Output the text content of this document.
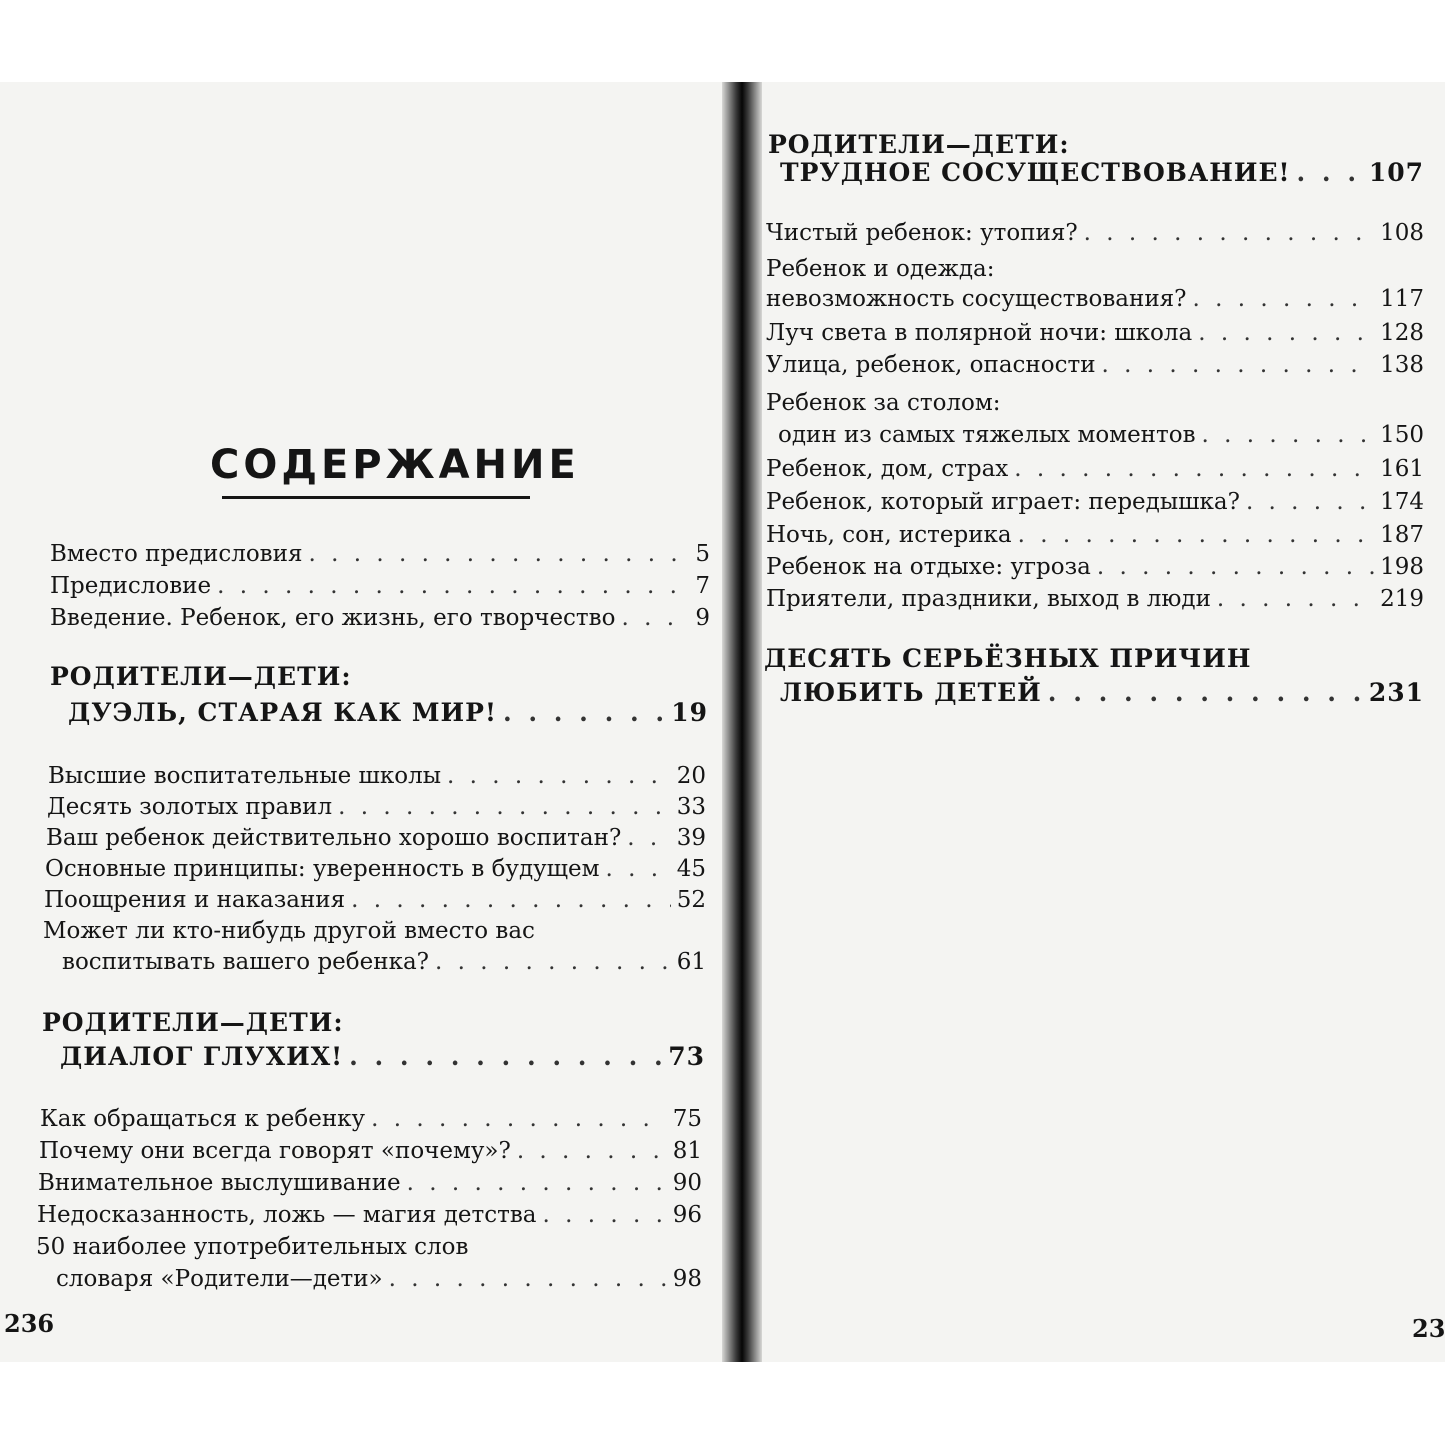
СОДЕРЖАНИЕ
Вместо предисловия . . .	5
Предисловие . . .	7
Введение. Ребенок, его жизнь, его творчество . . .	9
РОДИТЕЛИ—ДЕТИ:
ДУЭЛЬ, СТАРАЯ КАК МИР! . . .	19
Высшие воспитательные школы . . .	20
Десять золотых правил . . .	33
Ваш ребенок действительно хорошо воспитан? . . . 39
Основные принципы: уверенность в будущем . . .	45
Поощрения и наказания . . .	52
Может ли кто-нибудь другой вместо вас
воспитывать вашего ребенка? . . .	61
РОДИТЕЛИ—ДЕТИ:
ДИАЛОГ ГЛУХИХ! . . .	73
Как обращаться к ребенку . . .	75
Почему они всегда говорят «почему»? . . .	81
Внимательное выслушивание . . .	90
Недосказанность, ложь — магия детства . . .	96
50 наиболее употребительных слов
словаря «Родители—дети» . . .	98
236
РОДИТЕЛИ—ДЕТИ:
ТРУДНОЕ СОСУЩЕСТВОВАНИЕ! . . .	107
Чистый ребенок: утопия? . . .	108
Ребенок и одежда:
невозможность сосуществования? . . .	117
Луч света в полярной ночи: школа . . .	128
Улица, ребенок, опасности . . .	138
Ребенок за столом:
один из самых тяжелых моментов . . .	150
Ребенок, дом, страх . . .	161
Ребенок, который играет: передышка? . . .	174
Ночь, сон, истерика . . .	187
Ребенок на отдыхе: угроза . . .	198
Приятели, праздники, выход в люди . . .	219
ДЕСЯТЬ СЕРЬЁЗНЫХ ПРИЧИН
ЛЮБИТЬ ДЕТЕЙ . . .	231
23
